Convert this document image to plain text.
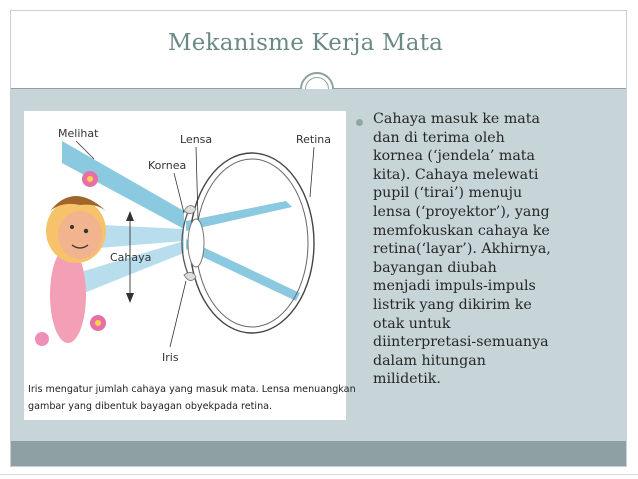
Mekanisme Kerja Mata
Melihat	Lensa	Retina
Kornea
Cahaya
Iris
Iris mengatur jumlah cahaya yang masuk mata. Lensa menuangkan
gambar yang dibentuk bayagan obyekpada retina.
Cahaya masuk ke mata
dan di terima oleh
kornea (‘jendela’ mata
kita). Cahaya melewati
pupil (‘tirai’) menuju
lensa (‘proyektor’), yang
memfokuskan cahaya ke
retina(‘layar’). Akhirnya,
bayangan diubah
menjadi impuls-impuls
listrik yang dikirim ke
otak untuk
diinterpretasi-semuanya
dalam hitungan
milidetik.
